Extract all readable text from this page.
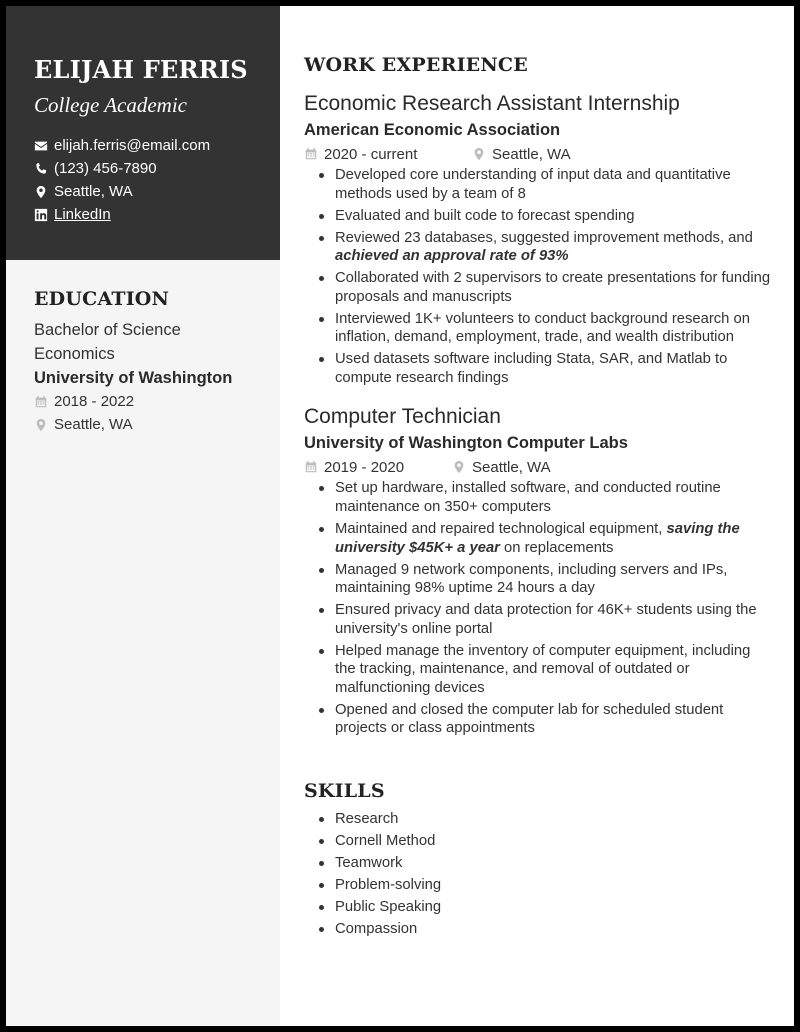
ELIJAH FERRIS
College Academic
elijah.ferris@email.com
(123) 456-7890
Seattle, WA
LinkedIn
EDUCATION
Bachelor of Science
Economics
University of Washington
2018 - 2022
Seattle, WA
WORK EXPERIENCE
Economic Research Assistant Internship
American Economic Association
2020 - current	Seattle, WA
Developed core understanding of input data and quantitative methods used by a team of 8
Evaluated and built code to forecast spending
Reviewed 23 databases, suggested improvement methods, and achieved an approval rate of 93%
Collaborated with 2 supervisors to create presentations for funding proposals and manuscripts
Interviewed 1K+ volunteers to conduct background research on inflation, demand, employment, trade, and wealth distribution
Used datasets software including Stata, SAR, and Matlab to compute research findings
Computer Technician
University of Washington Computer Labs
2019 - 2020	Seattle, WA
Set up hardware, installed software, and conducted routine maintenance on 350+ computers
Maintained and repaired technological equipment, saving the university $45K+ a year on replacements
Managed 9 network components, including servers and IPs, maintaining 98% uptime 24 hours a day
Ensured privacy and data protection for 46K+ students using the university's online portal
Helped manage the inventory of computer equipment, including the tracking, maintenance, and removal of outdated or malfunctioning devices
Opened and closed the computer lab for scheduled student projects or class appointments
SKILLS
Research
Cornell Method
Teamwork
Problem-solving
Public Speaking
Compassion
